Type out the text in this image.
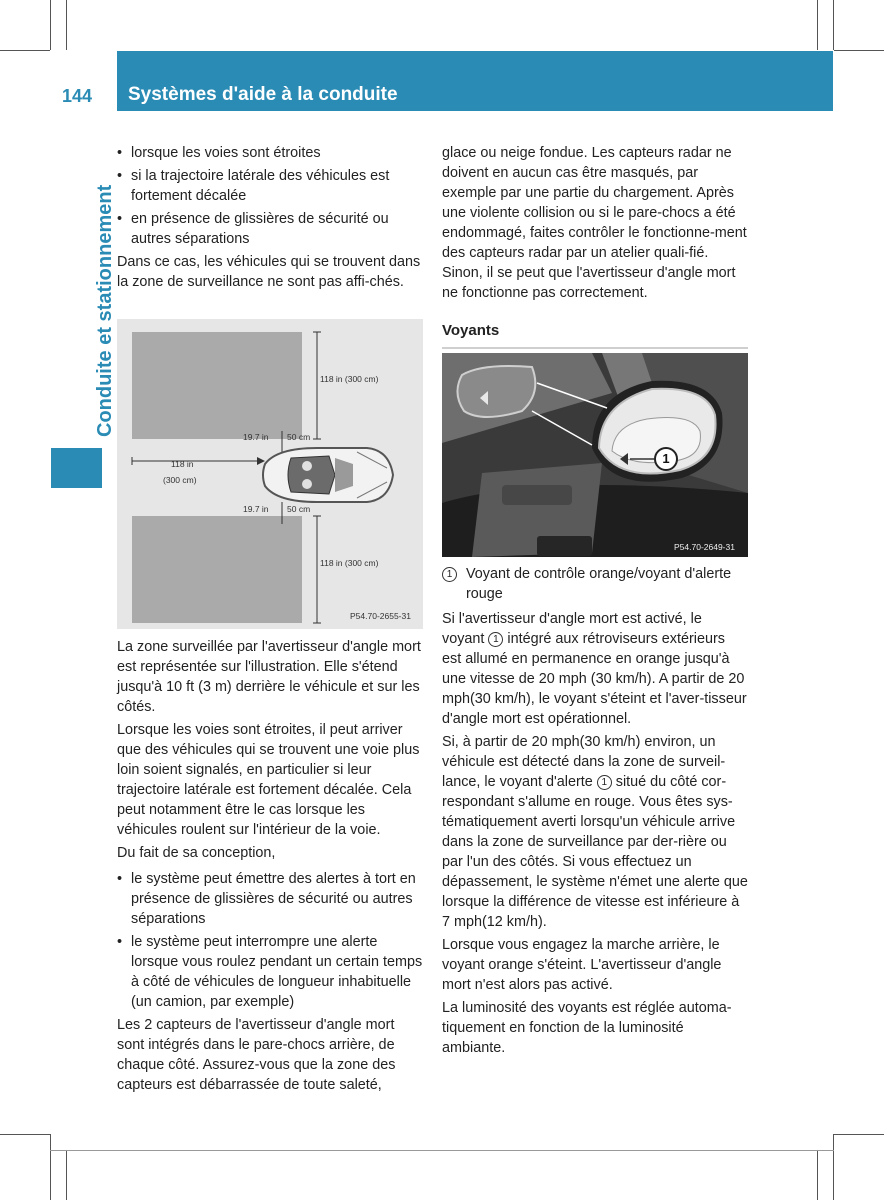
144 Systèmes d'aide à la conduite
Conduite et stationnement
• lorsque les voies sont étroites
• si la trajectoire latérale des véhicules est fortement décalée
• en présence de glissières de sécurité ou autres séparations

Dans ce cas, les véhicules qui se trouvent dans la zone de surveillance ne sont pas affi-chés.

118 in (300 cm)
19.7 in 50 cm
118 in
(300 cm)
19.7 in 50 cm
118 in (300 cm)
P54.70-2655-31

La zone surveillée par l'avertisseur d'angle mort est représentée sur l'illustration. Elle s'étend jusqu'à 10 ft (3 m) derrière le véhicule et sur les côtés.

Lorsque les voies sont étroites, il peut arriver que des véhicules qui se trouvent une voie plus loin soient signalés, en particulier si leur trajectoire latérale est fortement décalée. Cela peut notamment être le cas lorsque les véhicules roulent sur l'intérieur de la voie.

Du fait de sa conception,

• le système peut émettre des alertes à tort en présence de glissières de sécurité ou autres séparations
• le système peut interrompre une alerte lorsque vous roulez pendant un certain temps à côté de véhicules de longueur inhabituelle (un camion, par exemple)

Les 2 capteurs de l'avertisseur d'angle mort sont intégrés dans le pare-chocs arrière, de chaque côté. Assurez-vous que la zone des capteurs est débarrassée de toute saleté,

glace ou neige fondue. Les capteurs radar ne doivent en aucun cas être masqués, par exemple par une partie du chargement. Après une violente collision ou si le pare-chocs a été endommagé, faites contrôler le fonctionne-ment des capteurs radar par un atelier quali-fié. Sinon, il se peut que l'avertisseur d'angle mort ne fonctionne pas correctement.

Voyants
1
P54.70-2649-31
1 Voyant de contrôle orange/voyant d'alerte rouge

Si l'avertisseur d'angle mort est activé, le voyant 1 intégré aux rétroviseurs extérieurs est allumé en permanence en orange jusqu'à une vitesse de 20 mph (30 km/h). A partir de 20 mph(30 km/h), le voyant s'éteint et l'aver-tisseur d'angle mort est opérationnel.

Si, à partir de 20 mph(30 km/h) environ, un véhicule est détecté dans la zone de surveil-lance, le voyant d'alerte 1 situé du côté cor-respondant s'allume en rouge. Vous êtes sys-tématiquement averti lorsqu'un véhicule arrive dans la zone de surveillance par der-rière ou par l'un des côtés. Si vous effectuez un dépassement, le système n'émet une alerte que lorsque la différence de vitesse est inférieure à 7 mph(12 km/h).

Lorsque vous engagez la marche arrière, le voyant orange s'éteint. L'avertisseur d'angle mort n'est alors pas activé.

La luminosité des voyants est réglée automa-tiquement en fonction de la luminosité ambiante.
